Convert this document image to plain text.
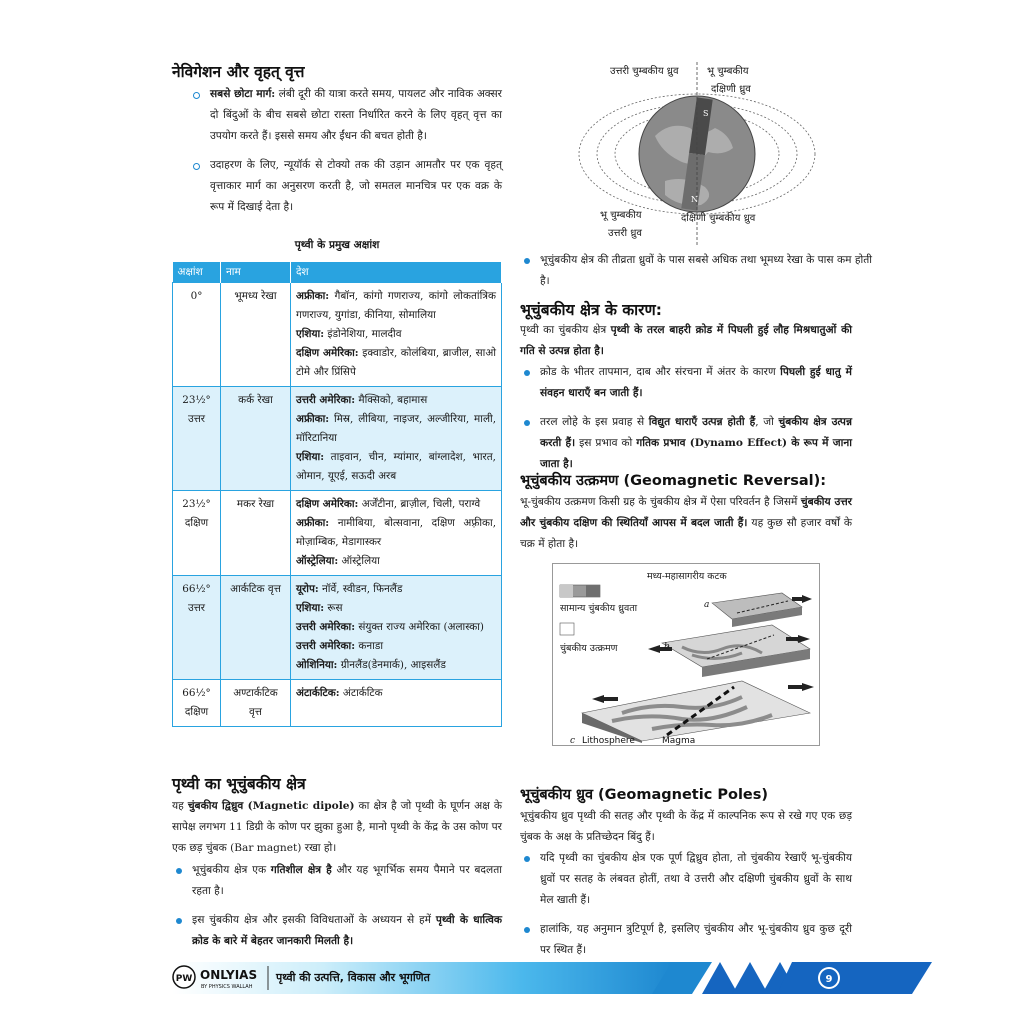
नेविगेशन और वृहत् वृत्त
सबसे छोटा मार्ग: लंबी दूरी की यात्रा करते समय, पायलट और नाविक अक्सर दो बिंदुओं के बीच सबसे छोटा रास्ता निर्धारित करने के लिए वृहत् वृत्त का उपयोग करते हैं। इससे समय और ईंधन की बचत होती है।
उदाहरण के लिए, न्यूयॉर्क से टोक्यो तक की उड़ान आमतौर पर एक वृहत् वृत्ताकार मार्ग का अनुसरण करती है, जो समतल मानचित्र पर एक वक्र के रूप में दिखाई देता है।
पृथ्वी के प्रमुख अक्षांश
अक्षांश	नाम	देश
0°	भूमध्य रेखा	अफ्रीका: गैबॉन, कांगो गणराज्य, कांगो लोकतांत्रिक गणराज्य, युगांडा, कीनिया, सोमालिया
एशिया: इंडोनेशिया, मालदीव
दक्षिण अमेरिका: इक्वाडोर, कोलंबिया, ब्राजील, साओ टोमे और प्रिंसिपे

23½° उत्तर	कर्क रेखा	उत्तरी अमेरिका: मैक्सिको, बहामास
अफ्रीका: मिस्र, लीबिया, नाइजर, अल्जीरिया, माली, मॉरिटानिया
एशिया: ताइवान, चीन, म्यांमार, बांग्लादेश, भारत, ओमान, यूएई, सऊदी अरब

23½° दक्षिण	मकर रेखा	दक्षिण अमेरिका: अर्जेंटीना, ब्राज़ील, चिली, पराग्वे
अफ्रीका: नामीबिया, बोत्सवाना, दक्षिण अफ़्रीका, मोज़ाम्बिक, मेडागास्कर
ऑस्ट्रेलिया: ऑस्ट्रेलिया

66½° उत्तर	आर्कटिक वृत्त	यूरोप: नॉर्वे, स्वीडन, फिनलैंड
एशिया: रूस
उत्तरी अमेरिका: संयुक्त राज्य अमेरिका (अलास्का)
उत्तरी अमेरिका: कनाडा
ओशिनिया: ग्रीनलैंड(डेनमार्क), आइसलैंड

66½° दक्षिण	अण्टार्कटिक वृत्त	अंटार्कटिक: अंटार्कटिक
पृथ्वी का भूचुंबकीय क्षेत्र

यह चुंबकीय द्विध्रुव (Magnetic dipole) का क्षेत्र है जो पृथ्वी के घूर्णन अक्ष के सापेक्ष लगभग 11 डिग्री के कोण पर झुका हुआ है, मानो पृथ्वी के केंद्र के उस कोण पर एक छड़ चुंबक (Bar magnet) रखा हो।

भूचुंबकीय क्षेत्र एक गतिशील क्षेत्र है और यह भूगर्भिक समय पैमाने पर बदलता रहता है।
इस चुंबकीय क्षेत्र और इसकी विविधताओं के अध्ययन से हमें पृथ्वी के धात्विक क्रोड के बारे में बेहतर जानकारी मिलती है।
S
N
उत्तरी चुम्बकीय ध्रुव	भू चुम्बकीय
दक्षिणी ध्रुव
भू चुम्बकीय
उत्तरी ध्रुव
दक्षिणी चुम्बकीय ध्रुव
भूचुंबकीय क्षेत्र की तीव्रता ध्रुवों के पास सबसे अधिक तथा भूमध्य रेखा के पास कम होती है।
भूचुंबकीय क्षेत्र के कारण:

पृथ्वी का चुंबकीय क्षेत्र पृथ्वी के तरल बाहरी क्रोड में पिघली हुई लौह मिश्रधातुओं की गति से उत्पन्न होता है।

क्रोड के भीतर तापमान, दाब और संरचना में अंतर के कारण पिघली हुई धातु में संवहन धाराएँ बन जाती हैं।
तरल लोहे के इस प्रवाह से विद्युत धाराएँ उत्पन्न होती हैं, जो चुंबकीय क्षेत्र उत्पन्न करती हैं। इस प्रभाव को गतिक प्रभाव (Dynamo Effect) के रूप में जाना जाता है।
भूचुंबकीय उत्क्रमण (Geomagnetic Reversal):

भू-चुंबकीय उत्क्रमण किसी ग्रह के चुंबकीय क्षेत्र में ऐसा परिवर्तन है जिसमें चुंबकीय उत्तर और चुंबकीय दक्षिण की स्थितियाँ आपस में बदल जाती हैं। यह कुछ सौ हजार वर्षों के चक्र में होता है।

मध्य-महासागरीय कटक
सामान्य चुंबकीय ध्रुवता
चुंबकीय उत्क्रमण
a
b
c Lithosphere	Magma
भूचुंबकीय ध्रुव (Geomagnetic Poles)

भूचुंबकीय ध्रुव पृथ्वी की सतह और पृथ्वी के केंद्र में काल्पनिक रूप से रखे गए एक छड़ चुंबक के अक्ष के प्रतिच्छेदन बिंदु हैं।

यदि पृथ्वी का चुंबकीय क्षेत्र एक पूर्ण द्विध्रुव होता, तो चुंबकीय रेखाएँ भू-चुंबकीय ध्रुवों पर सतह के लंबवत होतीं, तथा वे उत्तरी और दक्षिणी चुंबकीय ध्रुवों के साथ मेल खाती हैं।
हालांकि, यह अनुमान त्रुटिपूर्ण है, इसलिए चुंबकीय और भू-चुंबकीय ध्रुव कुछ दूरी पर स्थित हैं।
9
PW ONLYIAS
BY PHYSICS WALLAH
पृथ्वी की उत्पत्ति, विकास और भूगणित
